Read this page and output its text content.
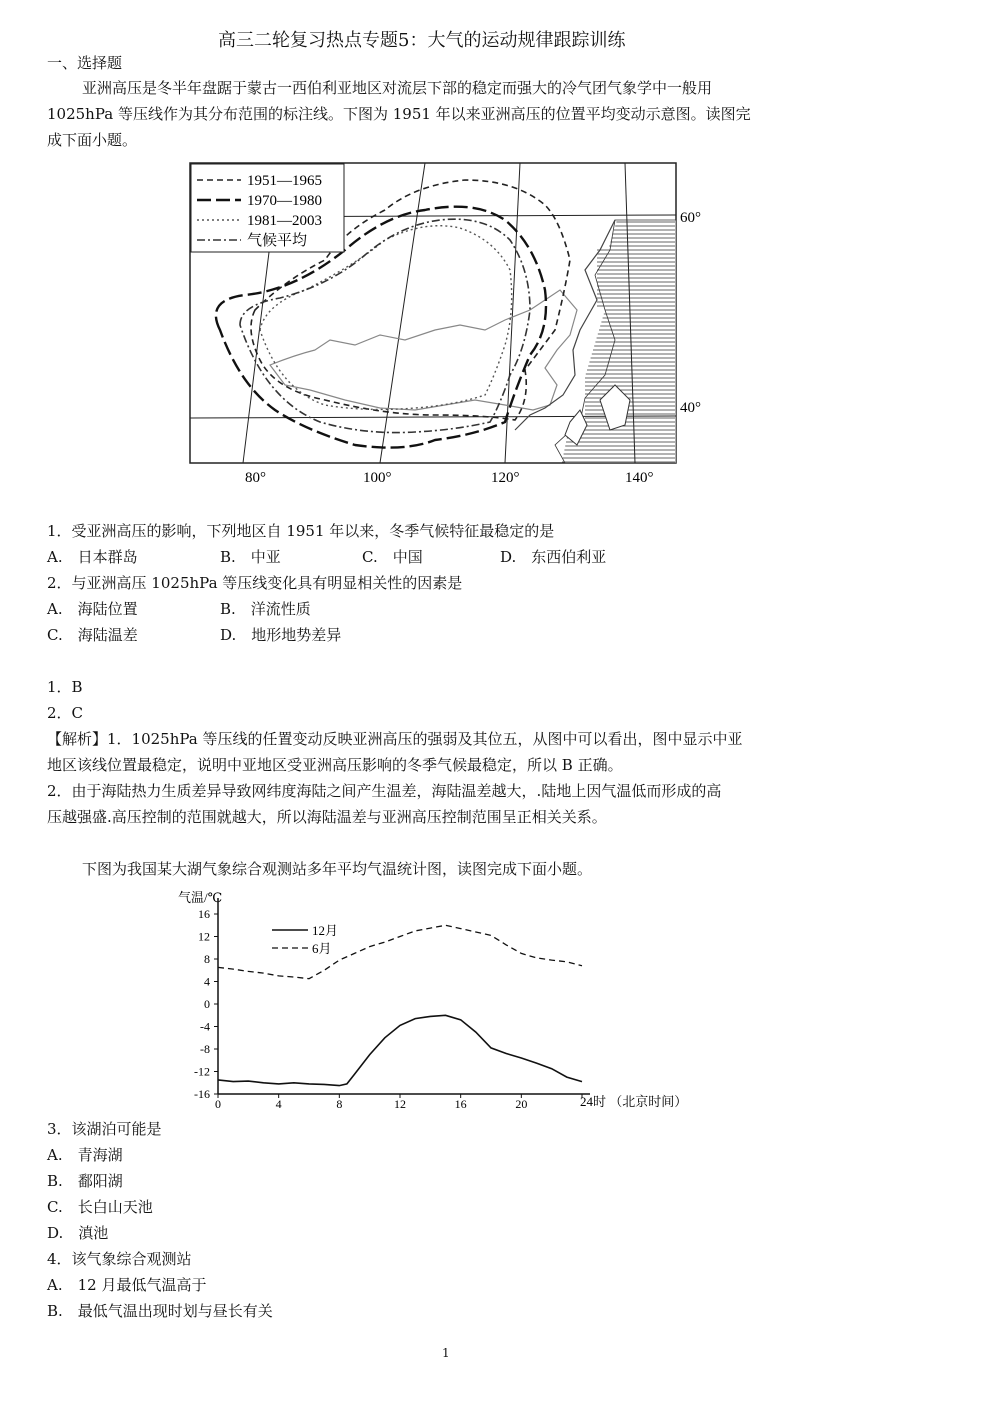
高三二轮复习热点专题5：大气的运动规律跟踪训练
一、选择题
亚洲高压是冬半年盘踞于蒙古一西伯利亚地区对流层下部的稳定而强大的冷气团气象学中一般用
1025hPa 等压线作为其分布范围的标注线。下图为 1951 年以来亚洲高压的位置平均变动示意图。读图完
成下面小题。
1951—1965
1970—1980
1981—2003
气候平均
60°
40°
80°	100°	120°	140°
1．受亚洲高压的影响，下列地区自 1951 年以来，冬季气候特征最稳定的是
A.　日本群岛	B.　中亚	C.　中国	D.　东西伯利亚
2．与亚洲高压 1025hPa 等压线变化具有明显相关性的因素是
A.　海陆位置	B.　洋流性质
C.　海陆温差	D.　地形地势差异
1．B
2．C
【解析】1．1025hPa 等压线的任置变动反映亚洲高压的强弱及其位五，从图中可以看出，图中显示中亚
地区该线位置最稳定，说明中亚地区受亚洲高压影响的冬季气候最稳定，所以 B 正确。
2．由于海陆热力生质差异导致网纬度海陆之间产生温差，海陆温差越大，.陆地上因气温低而形成的高
压越强盛.高压控制的范围就越大，所以海陆温差与亚洲高压控制范围呈正相关关系。
下图为我国某大湖气象综合观测站多年平均气温统计图，读图完成下面小题。
气温/℃
16
12
8
4
0
-4
-8
-12
-16
0	4	8	12	16	20
12月
6月
24时 （北京时间）
3．该湖泊可能是
A.　青海湖
B.　鄱阳湖
C.　长白山天池
D.　滇池
4．该气象综合观测站
A.　12 月最低气温高于
B.　最低气温出现时划与昼长有关
1
